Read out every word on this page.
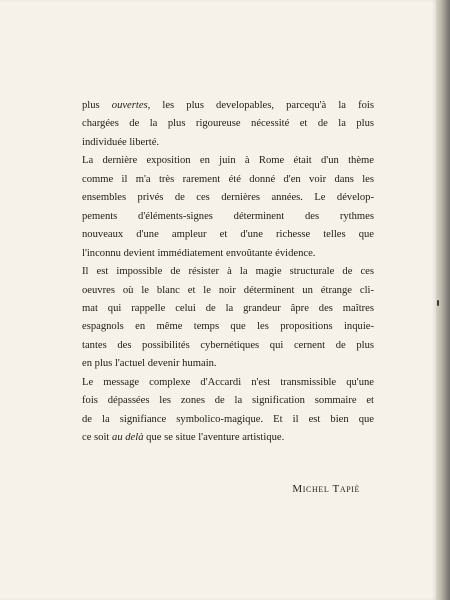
plus ouvertes, les plus developables, parcequ'à la fois
chargées de la plus rigoureuse nécessité et de la plus
individuée liberté.
La dernière exposition en juin à Rome était d'un thème
comme il m'a très rarement été donné d'en voir dans les
ensembles privés de ces dernières années. Le dévelop-
pements d'éléments-signes déterminent des rythmes
nouveaux d'une ampleur et d'une richesse telles que
l'inconnu devient immédiatement envoûtante évidence.
Il est impossible de résister à la magie structurale de ces
oeuvres où le blanc et le noir déterminent un étrange cli-
mat qui rappelle celui de la grandeur âpre des maîtres
espagnols en même temps que les propositions inquie-
tantes des possibilités cybernétiques qui cernent de plus
en plus l'actuel devenir humain.
Le message complexe d'Accardi n'est transmissible qu'une
fois dépassées les zones de la signification sommaire et
de la signifiance symbolico-magique. Et il est bien que
ce soit au delà que se situe l'aventure artistique.
Michel Tapiè
